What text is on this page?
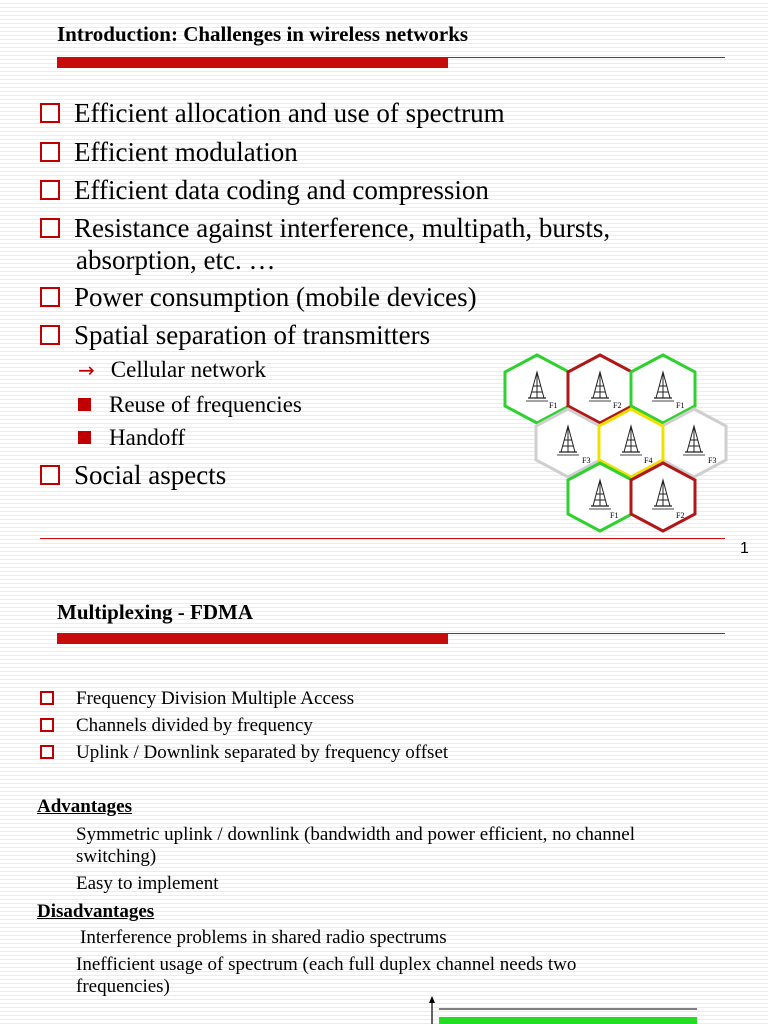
Introduction: Challenges in wireless networks
Efficient allocation and use of spectrum
Efficient modulation
Efficient data coding and compression
Resistance against interference, multipath, bursts,
absorption, etc. …
Power consumption (mobile devices)
Spatial separation of transmitters
→ Cellular network
Reuse of frequencies
Handoff
Social aspects
F1	F2	F1
F3	F3
F4
F1	F2
1
Multiplexing - FDMA
Frequency Division Multiple Access
Channels divided by frequency
Uplink / Downlink separated by frequency offset
Advantages
Symmetric uplink / downlink (bandwidth and power efficient, no channel
switching)
Easy to implement
Disadvantages
Interference problems in shared radio spectrums
Inefficient usage of spectrum (each full duplex channel needs two
frequencies)
